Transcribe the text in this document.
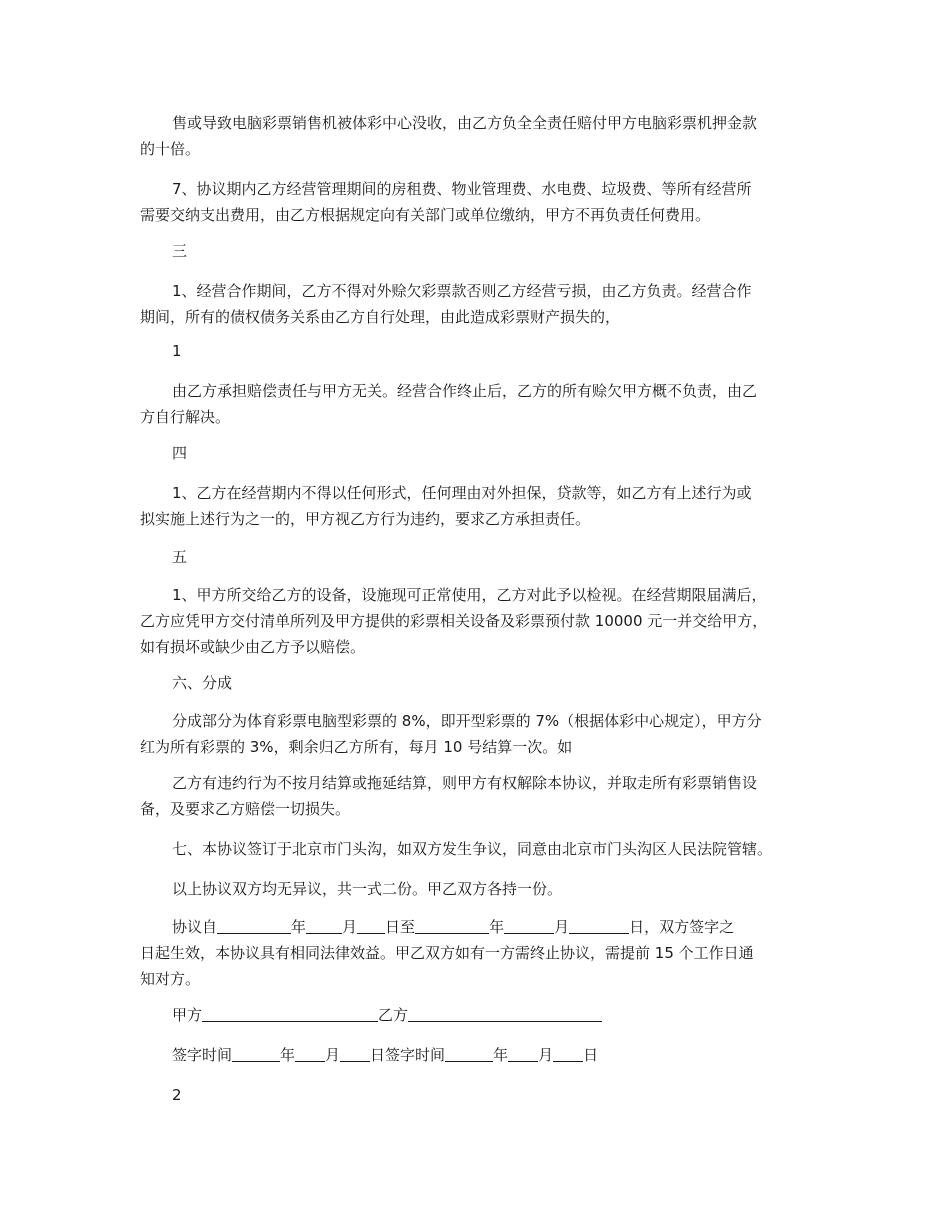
售或导致电脑彩票销售机被体彩中心没收，由乙方负全全责任赔付甲方电脑彩票机押金款
的十倍。

7、协议期内乙方经营管理期间的房租费、物业管理费、水电费、垃圾费、等所有经营所
需要交纳支出费用，由乙方根据规定向有关部门或单位缴纳，甲方不再负责任何费用。

三

1、经营合作期间，乙方不得对外赊欠彩票款否则乙方经营亏损，由乙方负责。经营合作
期间，所有的债权债务关系由乙方自行处理，由此造成彩票财产损失的，

1

由乙方承担赔偿责任与甲方无关。经营合作终止后，乙方的所有赊欠甲方概不负责，由乙
方自行解决。

四

1、乙方在经营期内不得以任何形式，任何理由对外担保，贷款等，如乙方有上述行为或
拟实施上述行为之一的，甲方视乙方行为违约，要求乙方承担责任。

五

1、甲方所交给乙方的设备，设施现可正常使用，乙方对此予以检视。在经营期限届满后，
乙方应凭甲方交付清单所列及甲方提供的彩票相关设备及彩票预付款 10000 元一并交给甲方，
如有损坏或缺少由乙方予以赔偿。

六、分成

分成部分为体育彩票电脑型彩票的 8%，即开型彩票的 7%（根据体彩中心规定），甲方分
红为所有彩票的 3%，剩余归乙方所有，每月 10 号结算一次。如

乙方有违约行为不按月结算或拖延结算，则甲方有权解除本协议，并取走所有彩票销售设
备，及要求乙方赔偿一切损失。

七、本协议签订于北京市门头沟，如双方发生争议，同意由北京市门头沟区人民法院管辖。

以上协议双方均无异议，共一式二份。甲乙双方各持一份。

协议自	年 月 日至	年	月	日，双方签字之
日起生效，本协议具有相同法律效益。甲乙双方如有一方需终止协议，需提前 15 个工作日通
知对方。

甲方	乙方

签字时间	年 月 日签字时间	年 月 日

2
